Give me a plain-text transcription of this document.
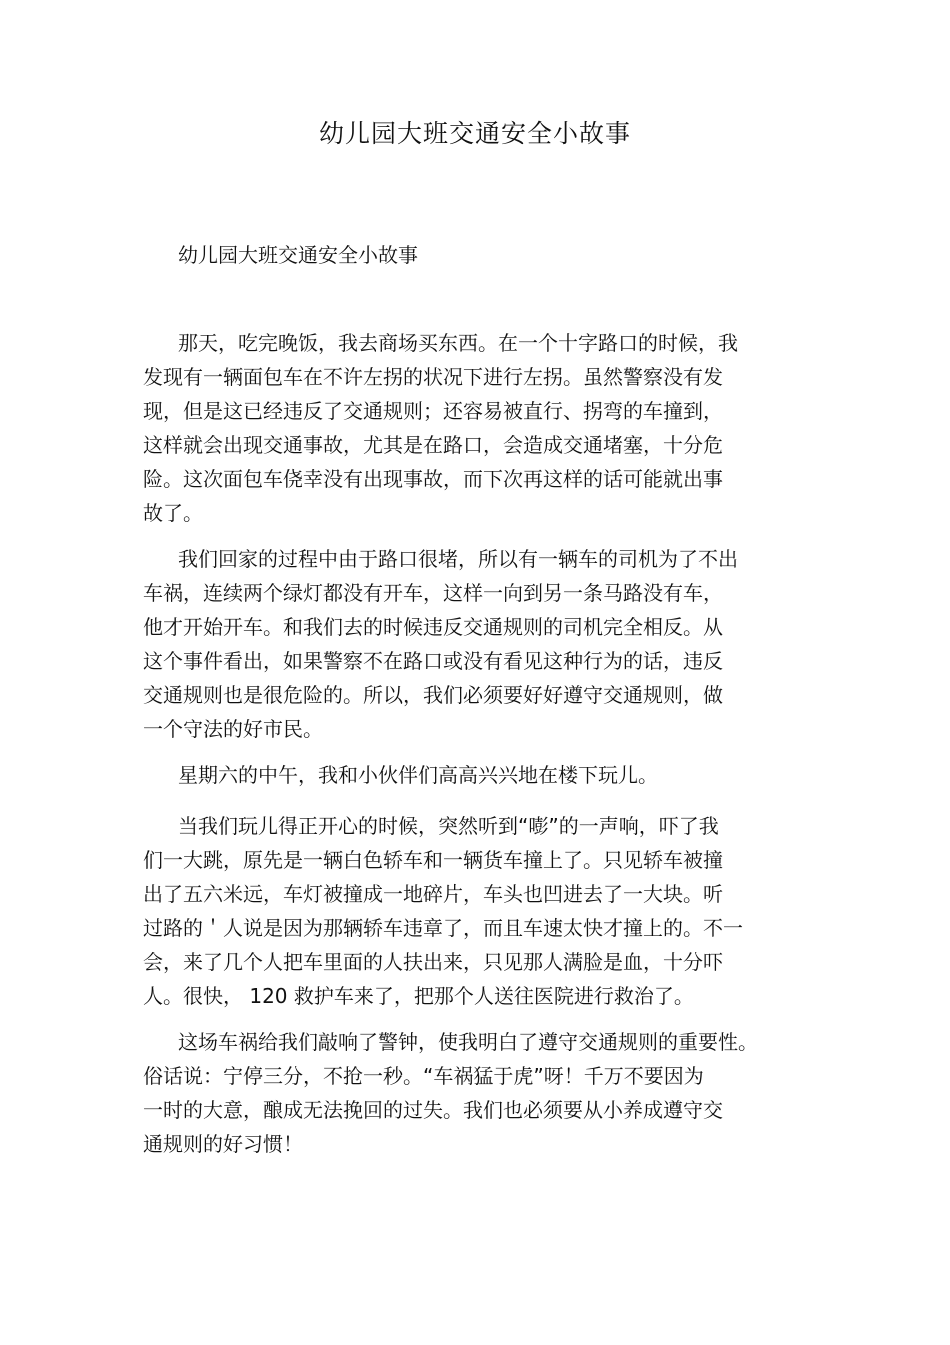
幼儿园大班交通安全小故事

幼儿园大班交通安全小故事

那天，吃完晚饭，我去商场买东西。在一个十字路口的时候，我
发现有一辆面包车在不许左拐的状况下进行左拐。虽然警察没有发
现，但是这已经违反了交通规则；还容易被直行、拐弯的车撞到，
这样就会出现交通事故，尤其是在路口，会造成交通堵塞，十分危
险。这次面包车侥幸没有出现事故，而下次再这样的话可能就出事
故了。
我们回家的过程中由于路口很堵，所以有一辆车的司机为了不出
车祸，连续两个绿灯都没有开车，这样一向到另一条马路没有车，
他才开始开车。和我们去的时候违反交通规则的司机完全相反。从
这个事件看出，如果警察不在路口或没有看见这种行为的话，违反
交通规则也是很危险的。所以，我们必须要好好遵守交通规则，做
一个守法的好市民。
星期六的中午，我和小伙伴们高高兴兴地在楼下玩儿。
当我们玩儿得正开心的时候，突然听到“嘭”的一声响，吓了我
们一大跳，原先是一辆白色轿车和一辆货车撞上了。只见轿车被撞
出了五六米远，车灯被撞成一地碎片，车头也凹进去了一大块。听
过路的＇人说是因为那辆轿车违章了，而且车速太快才撞上的。不一
会，来了几个人把车里面的人扶出来，只见那人满脸是血，十分吓
人。很快， 120 救护车来了，把那个人送往医院进行救治了。
这场车祸给我们敲响了警钟，使我明白了遵守交通规则的重要性。
俗话说：宁停三分，不抢一秒。“车祸猛于虎”呀！千万不要因为
一时的大意，酿成无法挽回的过失。我们也必须要从小养成遵守交
通规则的好习惯！
